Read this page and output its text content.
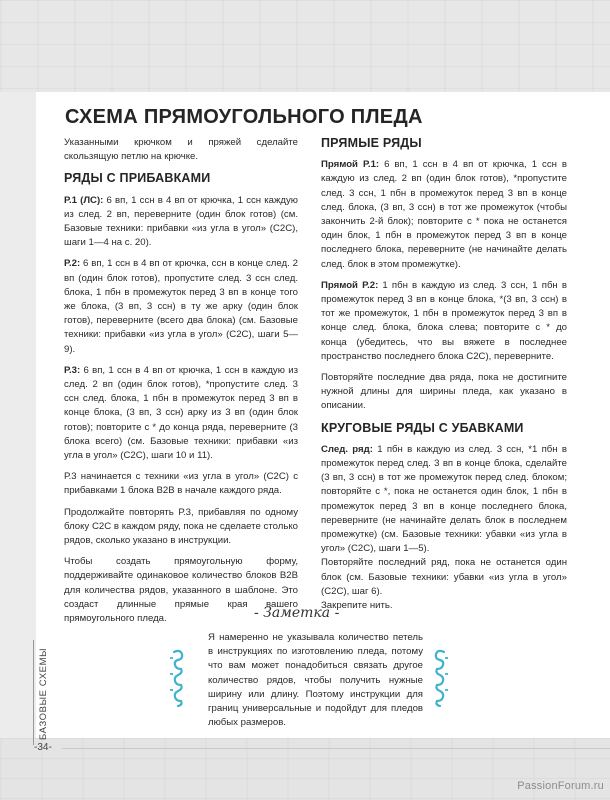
СХЕМА ПРЯМОУГОЛЬНОГО ПЛЕДА

Указанными крючком и пряжей сделайте скользящую петлю на крючке.

РЯДЫ С ПРИБАВКАМИ

Р.1 (ЛС): 6 вп, 1 ссн в 4 вп от крючка, 1 ссн каждую из след. 2 вп, переверните (один блок готов) (см. Базовые техники: прибавки «из угла в угол» (C2C), шаги 1—4 на с. 20).

Р.2: 6 вп, 1 ссн в 4 вп от крючка, ссн в конце след. 2 вп (один блок готов), пропустите след. 3 ссн след. блока, 1 пбн в промежуток перед 3 вп в конце того же блока, (3 вп, 3 ссн) в ту же арку (один блок готов), переверните (всего два блока) (см. Базовые техники: прибавки «из угла в угол» (C2C), шаги 5—9).

Р.3: 6 вп, 1 ссн в 4 вп от крючка, 1 ссн в каждую из след. 2 вп (один блок готов), *пропустите след. 3 ссн след. блока, 1 пбн в промежуток перед 3 вп в конце блока, (3 вп, 3 ссн) арку из 3 вп (один блок готов); повторите с * до конца ряда, переверните (3 блока всего) (см. Базовые техники: прибавки «из угла в угол» (C2C), шаги 10 и 11).

Р.3 начинается с техники «из угла в угол» (C2C) с прибавками 1 блока B2B в начале каждого ряда.

Продолжайте повторять Р.3, прибавляя по одному блоку C2C в каждом ряду, пока не сделаете столько рядов, сколько указано в инструкции.

Чтобы создать прямоугольную форму, поддерживайте одинаковое количество блоков B2B для количества рядов, указанного в шаблоне. Это создаст длинные прямые края вашего прямоугольного пледа.

ПРЯМЫЕ РЯДЫ

Прямой Р.1: 6 вп, 1 ссн в 4 вп от крючка, 1 ссн в каждую из след. 2 вп (один блок готов), *пропустите след. 3 ссн, 1 пбн в промежуток перед 3 вп в конце след. блока, (3 вп, 3 ссн) в тот же промежуток (чтобы закончить 2-й блок); повторите с * пока не останется один блок, 1 пбн в промежуток перед 3 вп в конце последнего блока, переверните (не начинайте делать след. блок в этом промежутке).

Прямой Р.2: 1 пбн в каждую из след. 3 ссн, 1 пбн в промежуток перед 3 вп в конце блока, *(3 вп, 3 ссн) в тот же промежуток, 1 пбн в промежуток перед 3 вп в конце след. блока, блока слева; повторите с * до конца (убедитесь, что вы вяжете в последнее пространство последнего блока C2C), переверните.

Повторяйте последние два ряда, пока не достигните нужной длины для ширины пледа, как указано в описании.

КРУГОВЫЕ РЯДЫ С УБАВКАМИ

След. ряд: 1 пбн в каждую из след. 3 ссн, *1 пбн в промежуток перед след. 3 вп в конце блока, сделайте (3 вп, 3 ссн) в тот же промежуток перед след. блоком; повторяйте с *, пока не останется один блок, 1 пбн в промежуток перед 3 вп в конце последнего блока, переверните (не начинайте делать блок в последнем промежутке) (см. Базовые техники: убавки «из угла в угол» (C2C), шаги 1—5).

Повторяйте последний ряд, пока не останется один блок (см. Базовые техники: убавки «из угла в угол» (C2C), шаг 6).

Закрепите нить.

- Заметка -
Я намеренно не указывала количество петель в инструкциях по изготовлению пледа, потому что вам может понадобиться связать другое количество рядов, чтобы получить нужные ширину или длину. Поэтому инструкции для границ универсальные и подойдут для пледов любых размеров.
БАЗОВЫЕ СХЕМЫ
-34-
PassionForum.ru
